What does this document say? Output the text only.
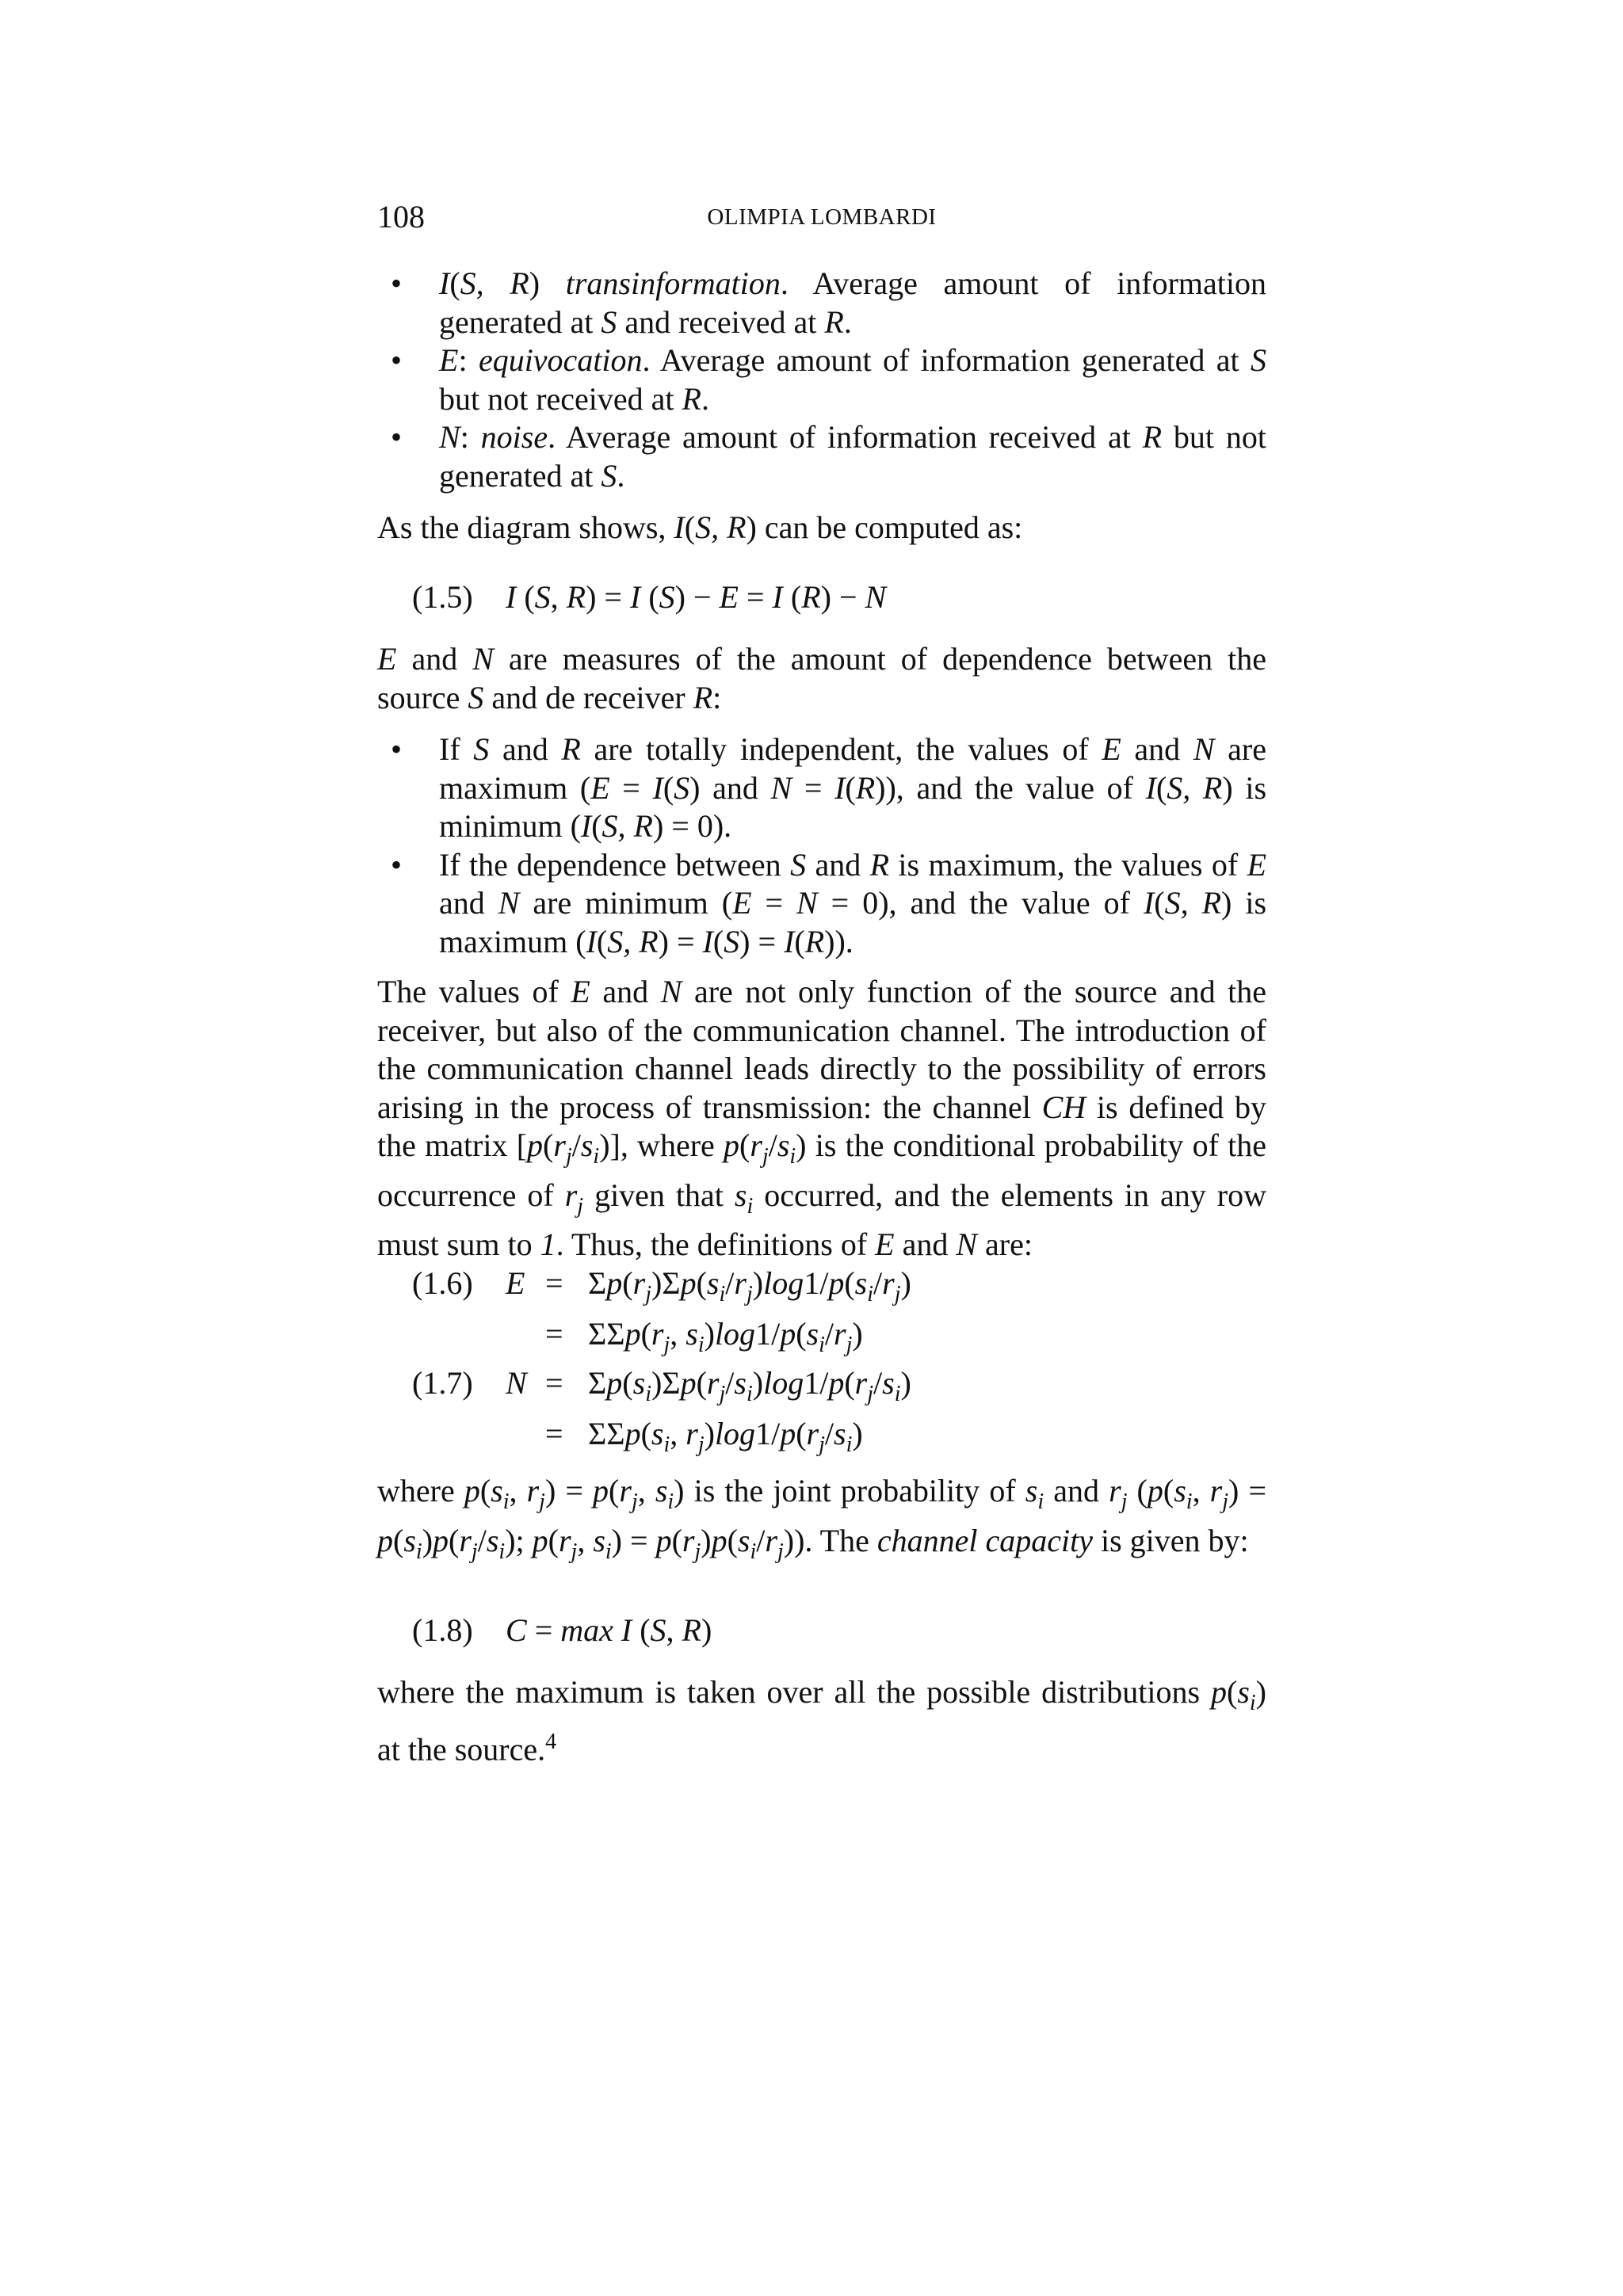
108	OLIMPIA LOMBARDI
• I(S, R) transinformation. Average amount of information generated at S and received at R.
• E: equivocation. Average amount of information generated at S but not received at R.
• N: noise. Average amount of information received at R but not generated at S.

As the diagram shows, I(S, R) can be computed as:

(1.5) I (S, R) = I (S) − E = I (R) − N

E and N are measures of the amount of dependence between the source S and de receiver R:

• If S and R are totally independent, the values of E and N are maximum (E = I(S) and N = I(R)), and the value of I(S, R) is minimum (I(S, R) = 0).
• If the dependence between S and R is maximum, the values of E and N are minimum (E = N = 0), and the value of I(S, R) is maximum (I(S, R) = I(S) = I(R)).

The values of E and N are not only function of the source and the receiver, but also of the communication channel. The introduction of the communication channel leads directly to the possibility of errors arising in the process of transmission: the channel CH is defined by the matrix $[p(r_j/s_i)]$, where $p(r_j/s_i)$ is the conditional probability of the occurrence of $r_j$ given that $s_i$ occurred, and the elements in any row must sum to 1. Thus, the definitions of E and N are:

(1.6) $E = \Sigma p(r_j)\Sigma p(s_i/r_j)\log 1/p(s_i/r_j)$
= $\Sigma\Sigma p(r_j$, $s_i)\log 1/p(s_i/r_j)$
(1.7) $N = \Sigma p(s_i)\Sigma p(r_j/s_i)\log 1/p(r_j/s_i)$
= $\Sigma\Sigma p(s_i$, $r_j)\log 1/p(r_j/s_i)$

where $p(s_i$, $r_j) = p(r_j$, $s_i$) is the joint probability of $s_i$ and $r_j$ ($p(s_i$, $r_j) = p(s_i)p(r_j/s_i)$; $p(r_j$, $s_i) = p(r_j)p(s_i/r_j)$). The channel capacity is given by:

(1.8) C = max I (S, R)

where the maximum is taken over all the possible distributions $p(s_i)$ at the source.$^4$
